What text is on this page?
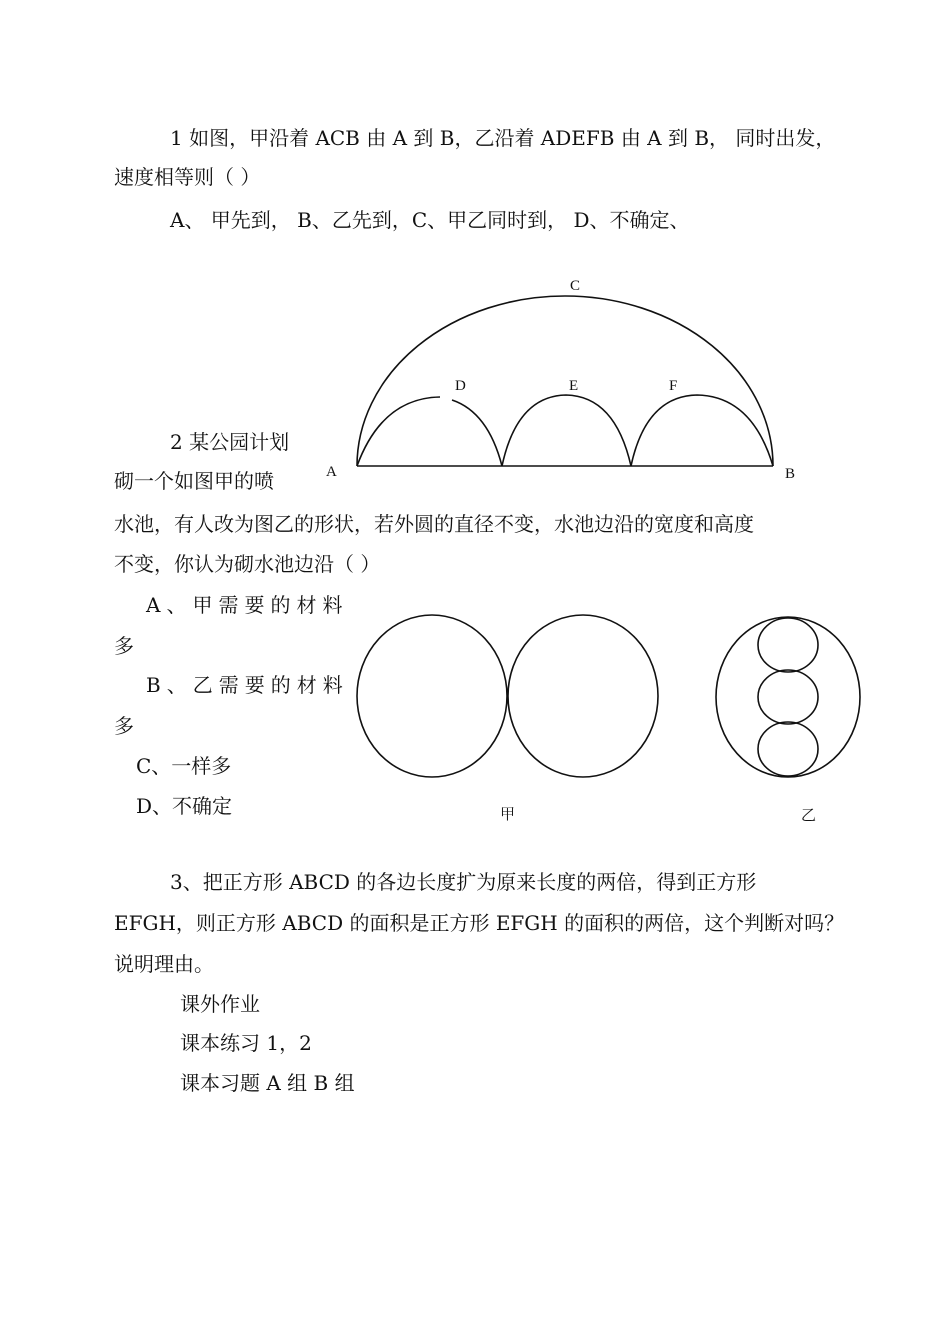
1 如图，甲沿着 ACB 由 A 到 B，乙沿着 ADEFB 由 A 到 B， 同时出发，
速度相等则（ ）
A、 甲先到， B、乙先到，C、甲乙同时到， D、不确定、
C
D	E	F
A	B
2 某公园计划
砌一个如图甲的喷
水池，有人改为图乙的形状，若外圆的直径不变，水池边沿的宽度和高度
不变，你认为砌水池边沿（ ）
A、甲需要的材料
多
B、乙需要的材料
多
C、一样多
D、不确定	甲	乙
3、把正方形 ABCD 的各边长度扩为原来长度的两倍，得到正方形
EFGH，则正方形 ABCD 的面积是正方形 EFGH 的面积的两倍，这个判断对吗？
说明理由。
课外作业
课本练习 1，2
课本习题 A 组 B 组
